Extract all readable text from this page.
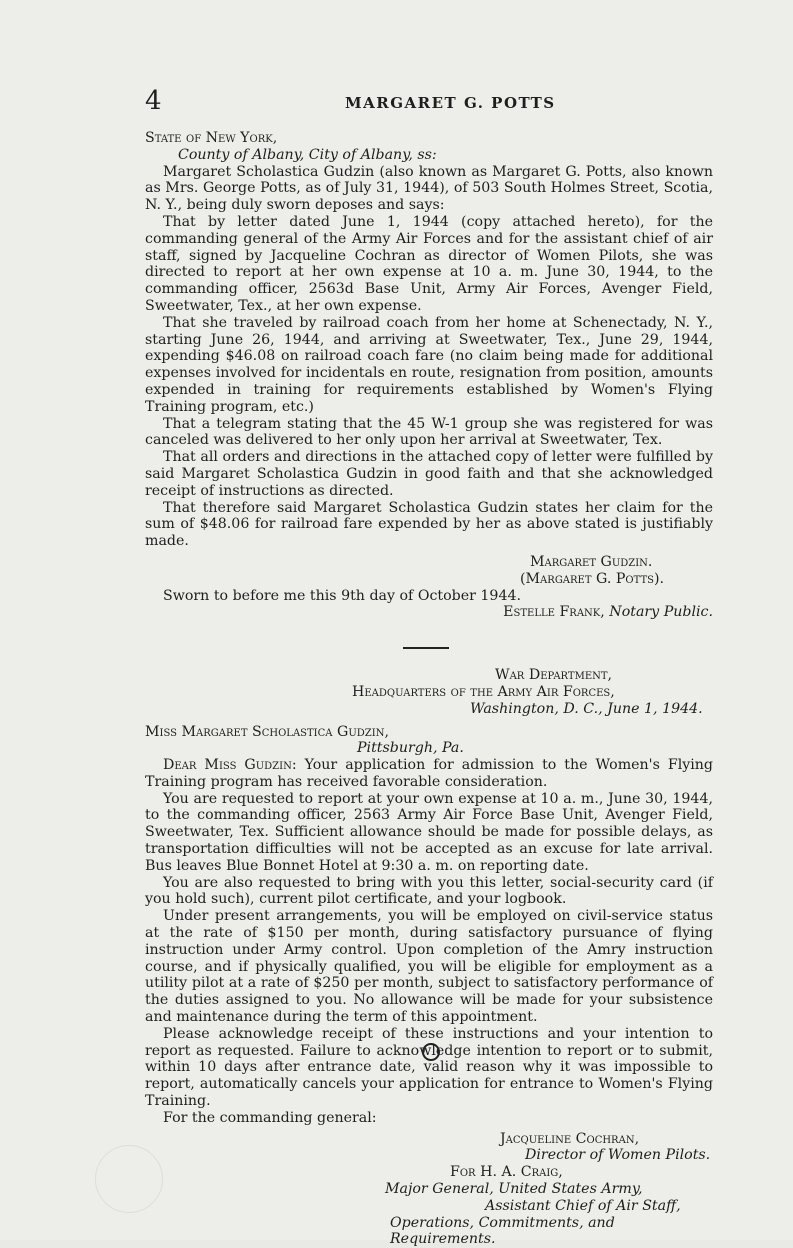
4	MARGARET G. POTTS

State of New York,

County of Albany, City of Albany, ss:

Margaret Scholastica Gudzin (also known as Margaret G. Potts, also known as Mrs. George Potts, as of July 31, 1944), of 503 South Holmes Street, Scotia, N. Y., being duly sworn deposes and says:

That by letter dated June 1, 1944 (copy attached hereto), for the commanding general of the Army Air Forces and for the assistant chief of air staff, signed by Jacqueline Cochran as director of Women Pilots, she was directed to report at her own expense at 10 a. m. June 30, 1944, to the commanding officer, 2563d Base Unit, Army Air Forces, Avenger Field, Sweetwater, Tex., at her own expense.

That she traveled by railroad coach from her home at Schenectady, N. Y., starting June 26, 1944, and arriving at Sweetwater, Tex., June 29, 1944, expending $46.08 on railroad coach fare (no claim being made for additional expenses involved for incidentals en route, resignation from position, amounts expended in training for requirements established by Women's Flying Training program, etc.)

That a telegram stating that the 45 W-1 group she was registered for was canceled was delivered to her only upon her arrival at Sweetwater, Tex.

That all orders and directions in the attached copy of letter were fulfilled by said Margaret Scholastica Gudzin in good faith and that she acknowledged receipt of instructions as directed.

That therefore said Margaret Scholastica Gudzin states her claim for the sum of $48.06 for railroad fare expended by her as above stated is justifiably made.

Margaret Gudzin.

(Margaret G. Potts).

Sworn to before me this 9th day of October 1944.

Estelle Frank, Notary Public.

War Department,

Headquarters of the Army Air Forces,

Washington, D. C., June 1, 1944.

Miss Margaret Scholastica Gudzin,

Pittsburgh, Pa.

Dear Miss Gudzin: Your application for admission to the Women's Flying Training program has received favorable consideration.

You are requested to report at your own expense at 10 a. m., June 30, 1944, to the commanding officer, 2563 Army Air Force Base Unit, Avenger Field, Sweetwater, Tex. Sufficient allowance should be made for possible delays, as transportation difficulties will not be accepted as an excuse for late arrival. Bus leaves Blue Bonnet Hotel at 9:30 a. m. on reporting date.

You are also requested to bring with you this letter, social-security card (if you hold such), current pilot certificate, and your logbook.

Under present arrangements, you will be employed on civil-service status at the rate of $150 per month, during satisfactory pursuance of flying instruction under Army control. Upon completion of the Amry instruction course, and if physically qualified, you will be eligible for employment as a utility pilot at a rate of $250 per month, subject to satisfactory performance of the duties assigned to you. No allowance will be made for your subsistence and maintenance during the term of this appointment.

Please acknowledge receipt of these instructions and your intention to report as requested. Failure to acknowledge intention to report or to submit, within 10 days after entrance date, valid reason why it was impossible to report, automatically cancels your application for entrance to Women's Flying Training.

For the commanding general:

Jacqueline Cochran,

Director of Women Pilots.

For H. A. Craig,

Major General, United States Army,

Assistant Chief of Air Staff,

Operations, Commitments, and Requirements.
